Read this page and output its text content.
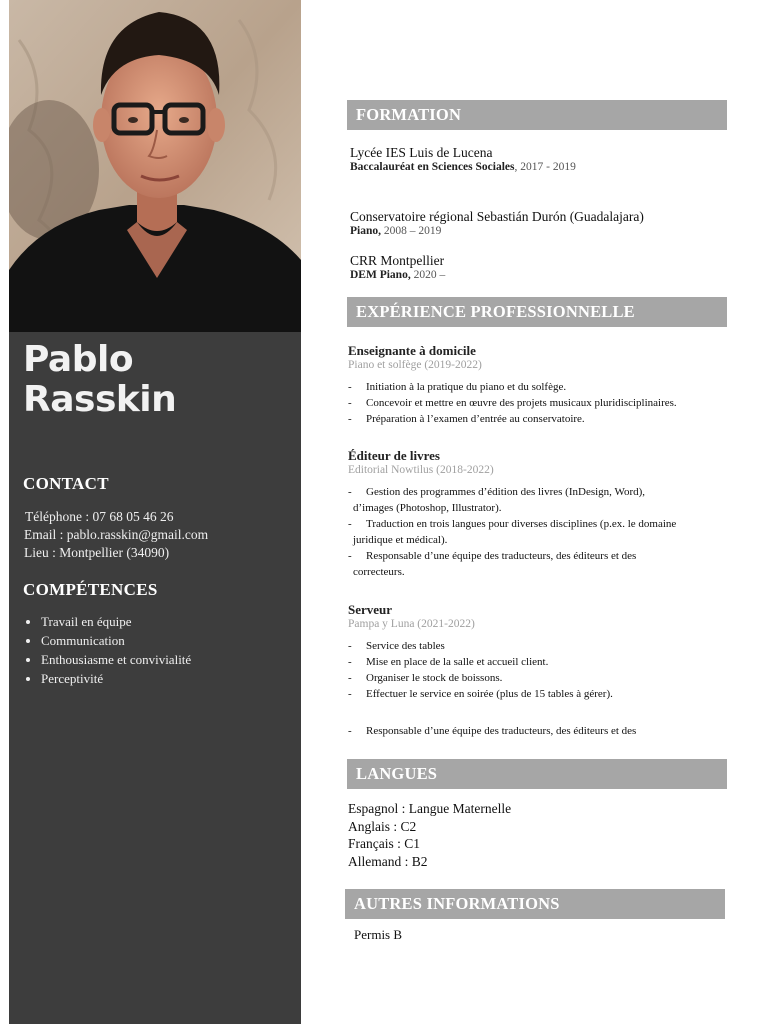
Pablo
Rasskin
CONTACT
Téléphone : 07 68 05 46 26
Email : pablo.rasskin@gmail.com
Lieu : Montpellier (34090)
COMPÉTENCES
• Travail en équipe
• Communication
• Enthousiasme et convivialité
• Perceptivité
FORMATION
Lycée IES Luis de Lucena
Baccalauréat en Sciences Sociales, 2017 - 2019
Conservatoire régional Sebastián Durón (Guadalajara)
Piano, 2008 – 2019
CRR Montpellier
DEM Piano, 2020 –
EXPÉRIENCE PROFESSIONNELLE
Enseignante à domicile
Piano et solfège (2019-2022)
-	Initiation à la pratique du piano et du solfège.
-	Concevoir et mettre en œuvre des projets musicaux pluridisciplinaires.
-	Préparation à l’examen d’entrée au conservatoire.
Éditeur de livres
Editorial Nowtilus (2018-2022)
-	Gestion des programmes d’édition des livres (InDesign, Word),
d’images (Photoshop, Illustrator).
-	Traduction en trois langues pour diverses disciplines (p.ex. le domaine
juridique et médical).
-	Responsable d’une équipe des traducteurs, des éditeurs et des
correcteurs.
Serveur
Pampa y Luna (2021-2022)
-	Service des tables
-	Mise en place de la salle et accueil client.
-	Organiser le stock de boissons.
-	Effectuer le service en soirée (plus de 15 tables à gérer).
-	Responsable d’une équipe des traducteurs, des éditeurs et des
LANGUES
Espagnol : Langue Maternelle
Anglais : C2
Français : C1
Allemand : B2
AUTRES INFORMATIONS
Permis B
